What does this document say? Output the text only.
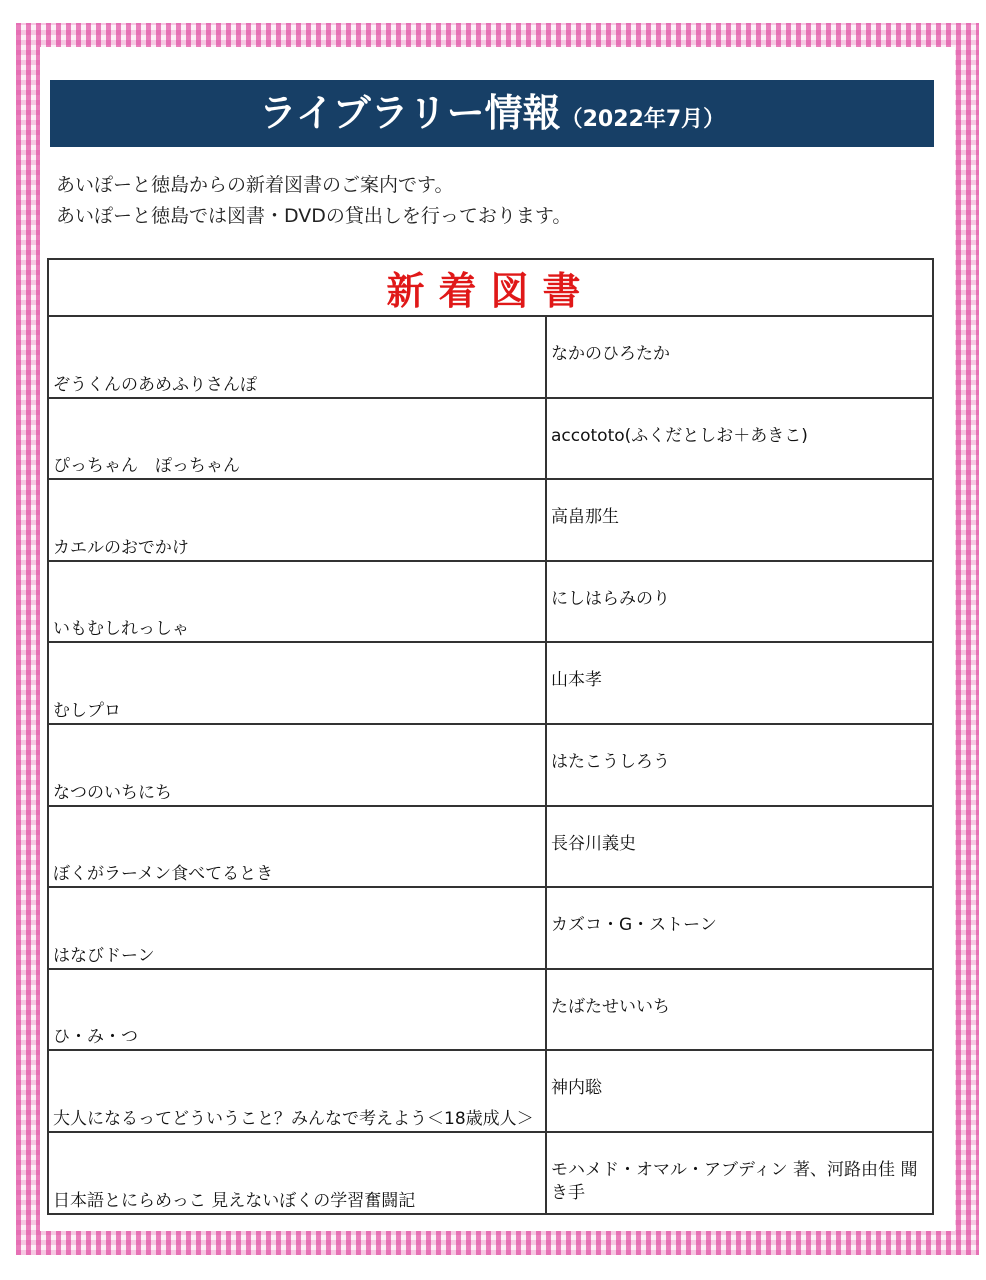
ライブラリー情報（2022年7月）
あいぽーと徳島からの新着図書のご案内です。
あいぽーと徳島では図書・DVDの貸出しを行っております。
新着図書	
ぞうくんのあめふりさんぽ	なかのひろたか
ぴっちゃん　ぽっちゃん	accototo(ふくだとしお＋あきこ)
カエルのおでかけ	高畠那生
いもむしれっしゃ	にしはらみのり
むしプロ	山本孝
なつのいちにち	はたこうしろう
ぼくがラーメン食べてるとき	長谷川義史
はなびドーン	カズコ・G・ストーン
ひ・み・つ	たばたせいいち
大人になるってどういうこと？みんなで考えよう＜18歳成人＞	神内聡
日本語とにらめっこ 見えないぼくの学習奮闘記	モハメド・オマル・アブディン 著、河路由佳 聞き手
